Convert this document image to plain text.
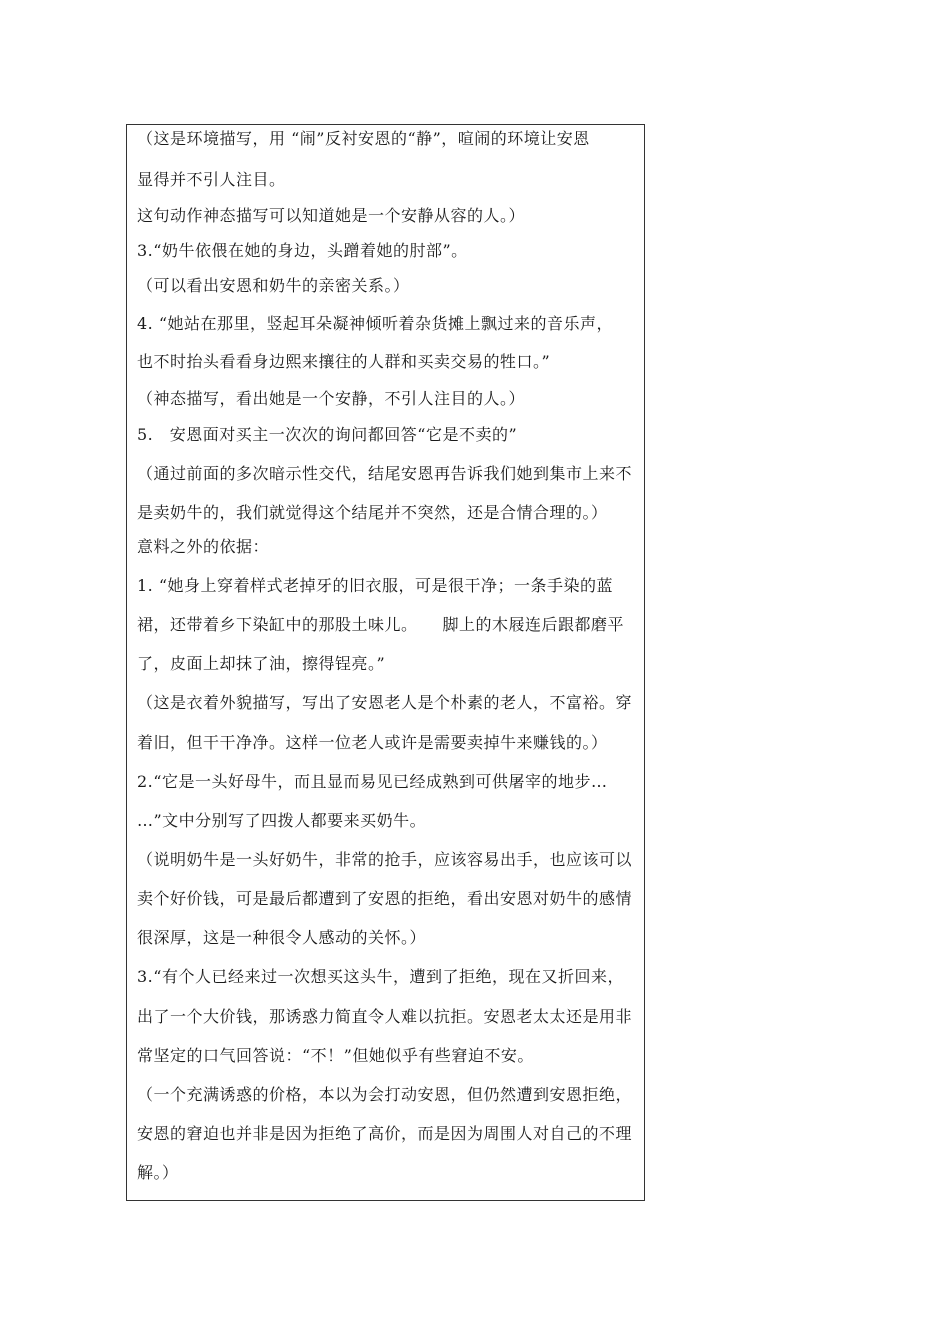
（这是环境描写，用 “闹”反衬安恩的“静”，喧闹的环境让安恩
显得并不引人注目。
这句动作神态描写可以知道她是一个安静从容的人。）
3.“奶牛依偎在她的身边，头蹭着她的肘部”。
（可以看出安恩和奶牛的亲密关系。）
4. “她站在那里，竖起耳朵凝神倾听着杂货摊上飘过来的音乐声，
也不时抬头看看身边熙来攘往的人群和买卖交易的牲口。”
（神态描写，看出她是一个安静，不引人注目的人。）
5.　安恩面对买主一次次的询问都回答“它是不卖的”
（通过前面的多次暗示性交代，结尾安恩再告诉我们她到集市上来不
是卖奶牛的，我们就觉得这个结尾并不突然，还是合情合理的。）
意料之外的依据：
1. “她身上穿着样式老掉牙的旧衣服，可是很干净；一条手染的蓝
裙，还带着乡下染缸中的那股土味儿。　　脚上的木屐连后跟都磨平
了，皮面上却抹了油，擦得锃亮。”
（这是衣着外貌描写，写出了安恩老人是个朴素的老人，不富裕。穿
着旧，但干干净净。这样一位老人或许是需要卖掉牛来赚钱的。）
2.“它是一头好母牛，而且显而易见已经成熟到可供屠宰的地步…
…”文中分别写了四拨人都要来买奶牛。
（说明奶牛是一头好奶牛，非常的抢手，应该容易出手，也应该可以
卖个好价钱，可是最后都遭到了安恩的拒绝，看出安恩对奶牛的感情
很深厚，这是一种很令人感动的关怀。）
3.“有个人已经来过一次想买这头牛，遭到了拒绝，现在又折回来，
出了一个大价钱，那诱惑力简直令人难以抗拒。安恩老太太还是用非
常坚定的口气回答说：“不！”但她似乎有些窘迫不安。
（一个充满诱惑的价格，本以为会打动安恩，但仍然遭到安恩拒绝，
安恩的窘迫也并非是因为拒绝了高价，而是因为周围人对自己的不理
解。）
